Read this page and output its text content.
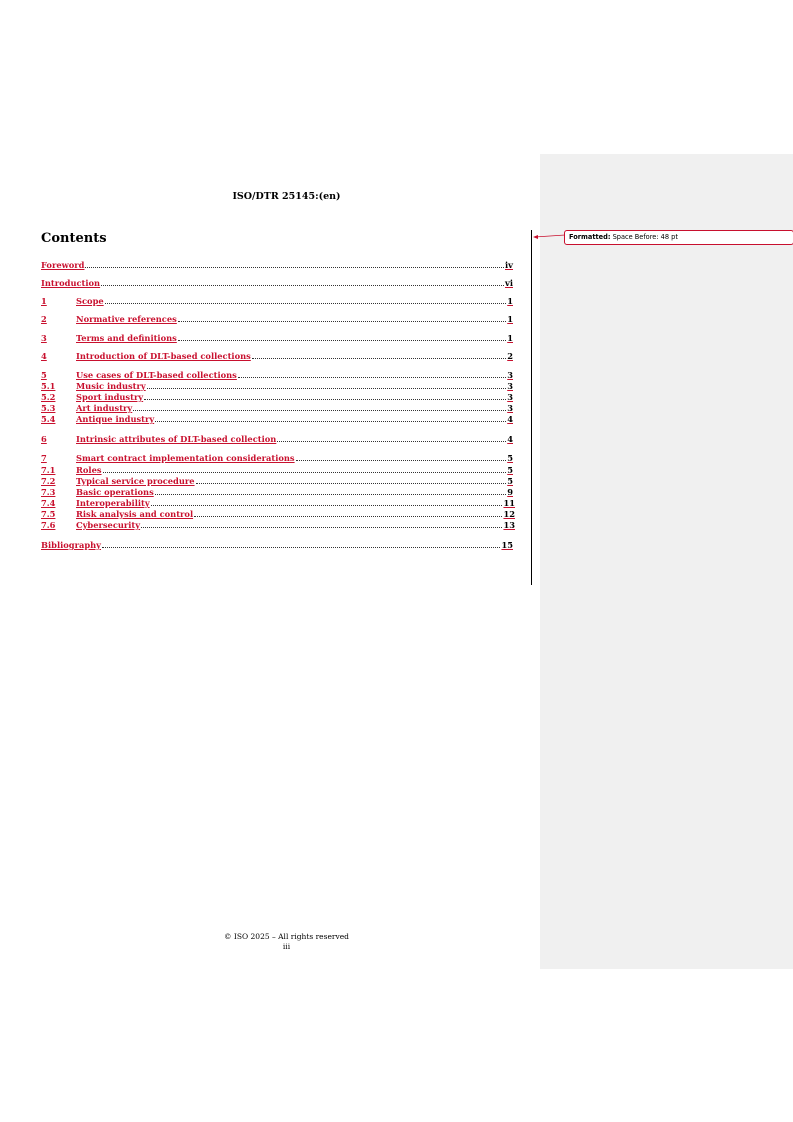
Formatted: Space Before: 48 pt
ISO/DTR 25145:(en)
Contents
Foreword	iv
Introduction	vi
1	Scope	1
2	Normative references	1
3	Terms and definitions	1
4	Introduction of DLT-based collections	2
5	Use cases of DLT-based collections	3
5.1	Music industry	3
5.2	Sport industry	3
5.3	Art industry	3
5.4	Antique industry	4
6	Intrinsic attributes of DLT-based collection	4
7	Smart contract implementation considerations	5
7.1	Roles	5
7.2	Typical service procedure	5
7.3	Basic operations	9
7.4	Interoperability	11
7.5	Risk analysis and control	12
7.6	Cybersecurity	13
Bibliography	15
© ISO 2025 – All rights reserved
iii
